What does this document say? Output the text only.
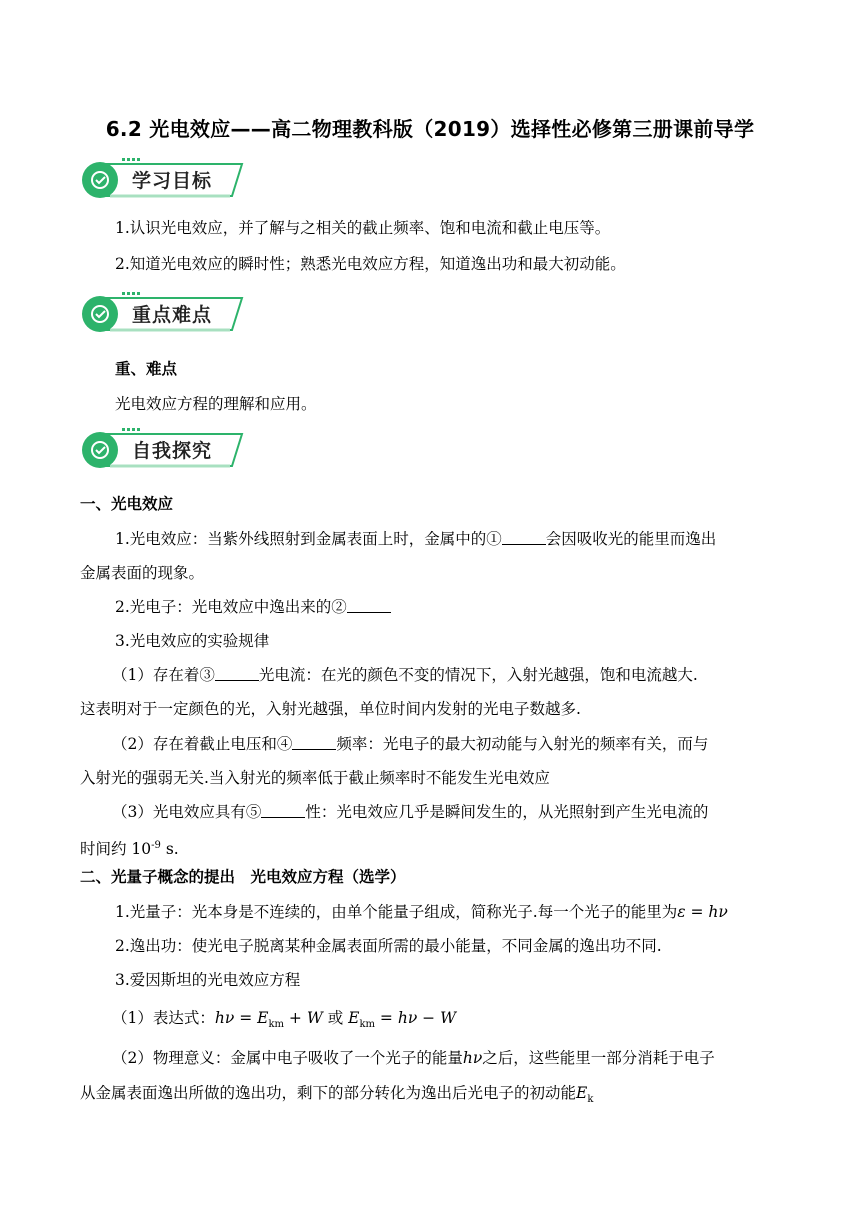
6.2 光电效应——高二物理教科版（2019）选择性必修第三册课前导学
学习目标
1.认识光电效应，并了解与之相关的截止频率、饱和电流和截止电压等。
2.知道光电效应的瞬时性；熟悉光电效应方程，知道逸出功和最大初动能。
重点难点
重、难点
光电效应方程的理解和应用。
自我探究
一、光电效应
1.光电效应：当紫外线照射到金属表面上时，金属中的①	会因吸收光的能里而逸出
金属表面的现象。
2.光电子：光电效应中逸出来的②
3.光电效应的实验规律
（1）存在着③	光电流：在光的颜色不变的情况下，入射光越强，饱和电流越大.
这表明对于一定颜色的光，入射光越强，单位时间内发射的光电子数越多.
（2）存在着截止电压和④	频率：光电子的最大初动能与入射光的频率有关，而与
入射光的强弱无关.当入射光的频率低于截止频率时不能发生光电效应
（3）光电效应具有⑤	性：光电效应几乎是瞬间发生的，从光照射到产生光电流的
时间约 $10^{-9}$ s.
二、光量子概念的提出　光电效应方程（选学）
1.光量子：光本身是不连续的，由单个能量子组成，简称光子.每一个光子的能里为ε = hν
2.逸出功：使光电子脱离某种金属表面所需的最小能量，不同金属的逸出功不同.
3.爱因斯坦的光电效应方程
（1）表达式：$h\nu = E_{km} + W$ 或 $E_{km} = h\nu - W$
（2）物理意义：金属中电子吸收了一个光子的能量hν之后，这些能里一部分消耗于电子
从金属表面逸出所做的逸出功，剩下的部分转化为逸出后光电子的初动能$E_k$
